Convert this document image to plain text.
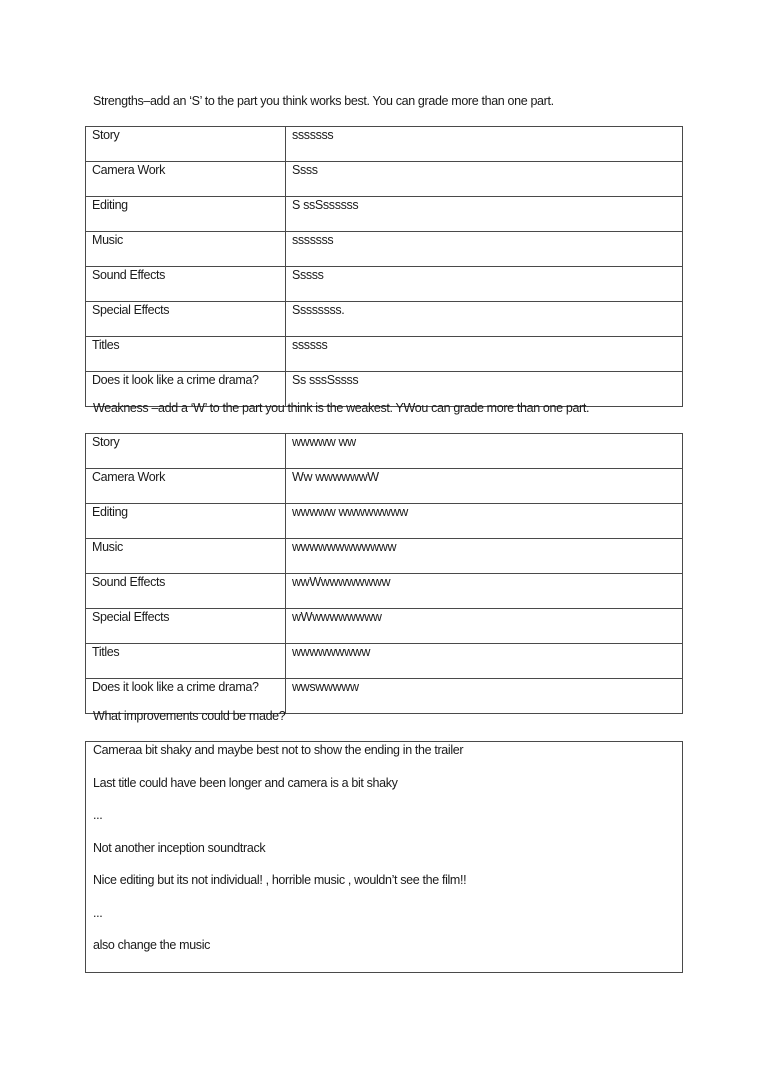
Strengths–add an ‘S’ to the part you think works best. You can grade more than one part.
Story	sssssss
Camera Work	Ssss
Editing	S ssSssssss
Music	sssssss
Sound Effects	Sssss
Special Effects	Ssssssss.
Titles	ssssss
Does it look like a crime drama?	Ss sssSssss
Weakness –add a ‘W’ to the part you think is the weakest. YWou can grade more than one part.
Story	wwwww ww
Camera Work	Ww wwwwwwW
Editing	wwwww wwwwwwww
Music	wwwwwwwwwwww
Sound Effects	wwWwwwwwwww
Special Effects	wWwwwwwwww
Titles	wwwwwwwww
Does it look like a crime drama?	wwswwwww
What improvements could be made?
Cameraa bit shaky and maybe best not to show the ending in the trailer
Last title could have been longer and camera is a bit shaky
...
Not another inception soundtrack
Nice editing but its not individual! , horrible music , wouldn’t see the film!!
...
also change the music
